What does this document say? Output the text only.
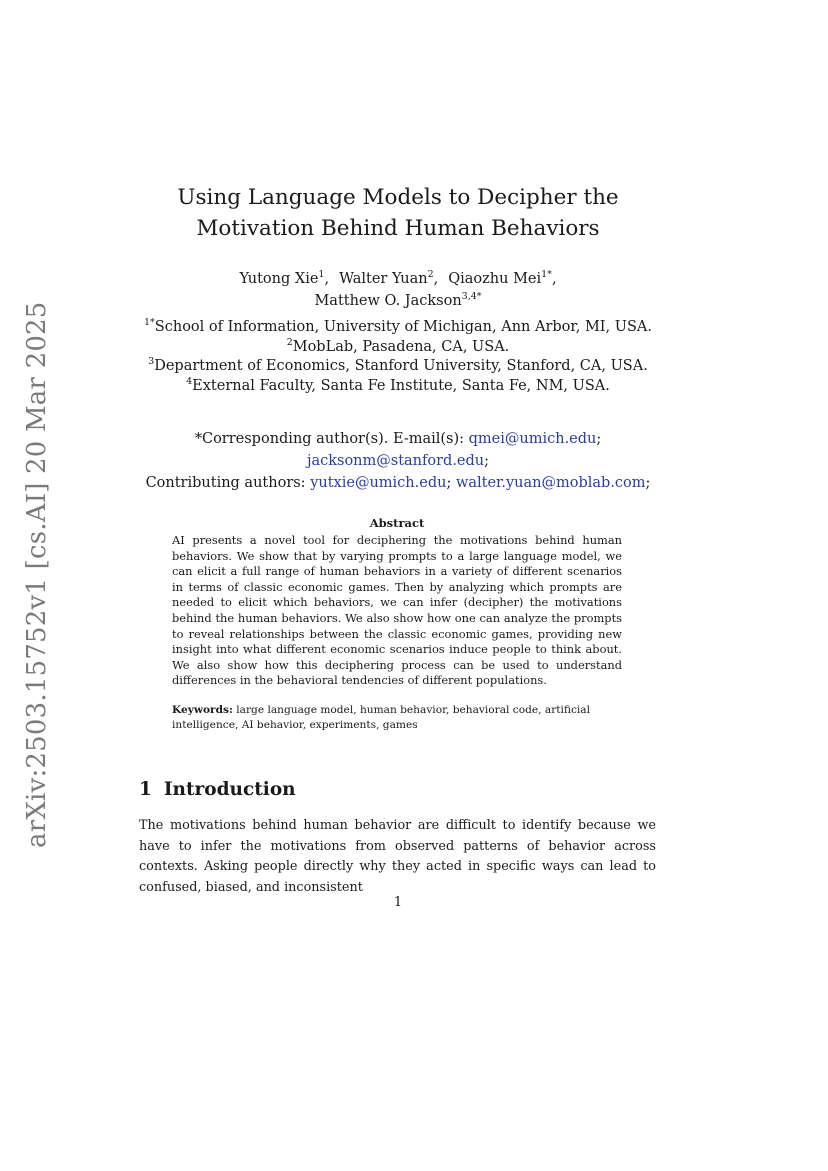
arXiv:2503.15752v1 [cs.AI] 20 Mar 2025
Using Language Models to Decipher the
Motivation Behind Human Behaviors
Yutong Xie$^1$, Walter Yuan$^2$, Qiaozhu Mei$^{1*}$,
Matthew O. Jackson$^{3,4*}$
$^{1*}$School of Information, University of Michigan, Ann Arbor, MI, USA.
$^2$MobLab, Pasadena, CA, USA.
$^3$Department of Economics, Stanford University, Stanford, CA, USA.
$^4$External Faculty, Santa Fe Institute, Santa Fe, NM, USA.
*Corresponding author(s). E-mail(s): qmei@umich.edu;
jacksonm@stanford.edu;
Contributing authors: yutxie@umich.edu; walter.yuan@moblab.com;
Abstract
AI presents a novel tool for deciphering the motivations behind human behaviors. We show that by varying prompts to a large language model, we can elicit a full range of human behaviors in a variety of different scenarios in terms of classic economic games. Then by analyzing which prompts are needed to elicit which behaviors, we can infer (decipher) the motivations behind the human behaviors. We also show how one can analyze the prompts to reveal relationships between the classic economic games, providing new insight into what different economic scenarios induce people to think about. We also show how this deciphering process can be used to understand differences in the behavioral tendencies of different populations.
Keywords: large language model, human behavior, behavioral code, artificial intelligence, AI behavior, experiments, games
1 Introduction
The motivations behind human behavior are difficult to identify because we have to infer the motivations from observed patterns of behavior across contexts. Asking people directly why they acted in specific ways can lead to confused, biased, and inconsistent
1
